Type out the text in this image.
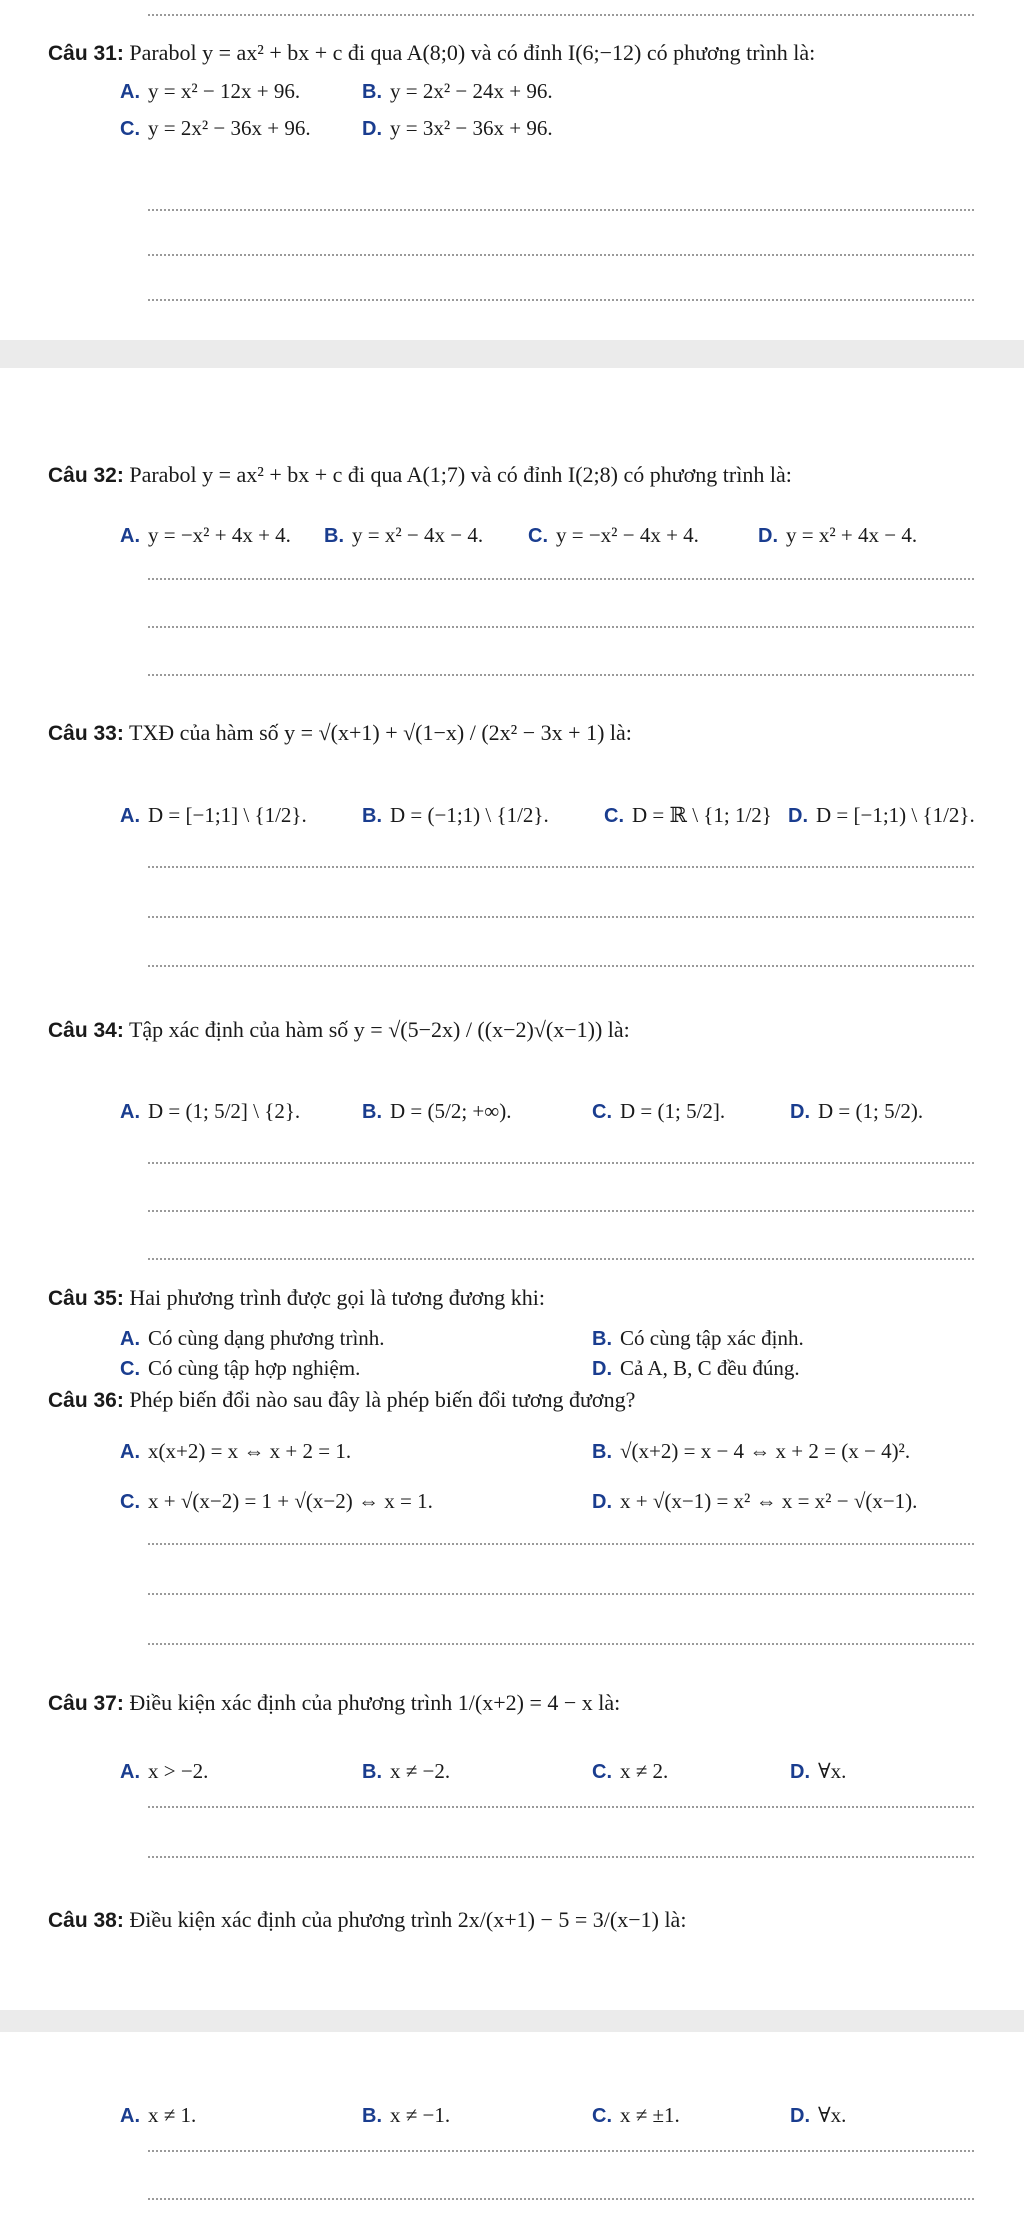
Câu 31: Parabol y = ax² + bx + c đi qua A(8;0) và có đỉnh I(6;−12) có phương trình là:
A. y = x² − 12x + 96.	B. y = 2x² − 24x + 96.
C. y = 2x² − 36x + 96.	D. y = 3x² − 36x + 96.
Câu 32: Parabol y = ax² + bx + c đi qua A(1;7) và có đỉnh I(2;8) có phương trình là:
A. y = −x² + 4x + 4. B. y = x² − 4x − 4. C. y = −x² − 4x + 4.	D. y = x² + 4x − 4.
Câu 33: TXĐ của hàm số y = √(x+1) + √(1−x) / (2x² − 3x + 1) là:
A. D = [−1;1] \ {1/2}.	B. D = (−1;1) \ {1/2}.	C. D = ℝ \ {1; 1/2} D. D = [−1;1) \ {1/2}.
Câu 34: Tập xác định của hàm số y = √(5−2x) / ((x−2)√(x−1)) là:
A. D = (1; 5/2] \ {2}.	B. D = (5/2; +∞).	C. D = (1; 5/2].	D. D = (1; 5/2).
Câu 35: Hai phương trình được gọi là tương đương khi:
A. Có cùng dạng phương trình.	B. Có cùng tập xác định.
C. Có cùng tập hợp nghiệm.	D. Cả A, B, C đều đúng.
Câu 36: Phép biến đổi nào sau đây là phép biến đổi tương đương?
A. x(x+2) = x ⇔ x + 2 = 1.	B. √(x+2) = x − 4 ⇔ x + 2 = (x − 4)².
C. x + √(x−2) = 1 + √(x−2) ⇔ x = 1.	D. x + √(x−1) = x² ⇔ x = x² − √(x−1).
Câu 37: Điều kiện xác định của phương trình 1/(x+2) = 4 − x là:
A. x > −2.	B. x ≠ −2.	C. x ≠ 2.	D. ∀x.
Câu 38: Điều kiện xác định của phương trình 2x/(x+1) − 5 = 3/(x−1) là:
A. x ≠ 1.	B. x ≠ −1.	C. x ≠ ±1.	D. ∀x.
